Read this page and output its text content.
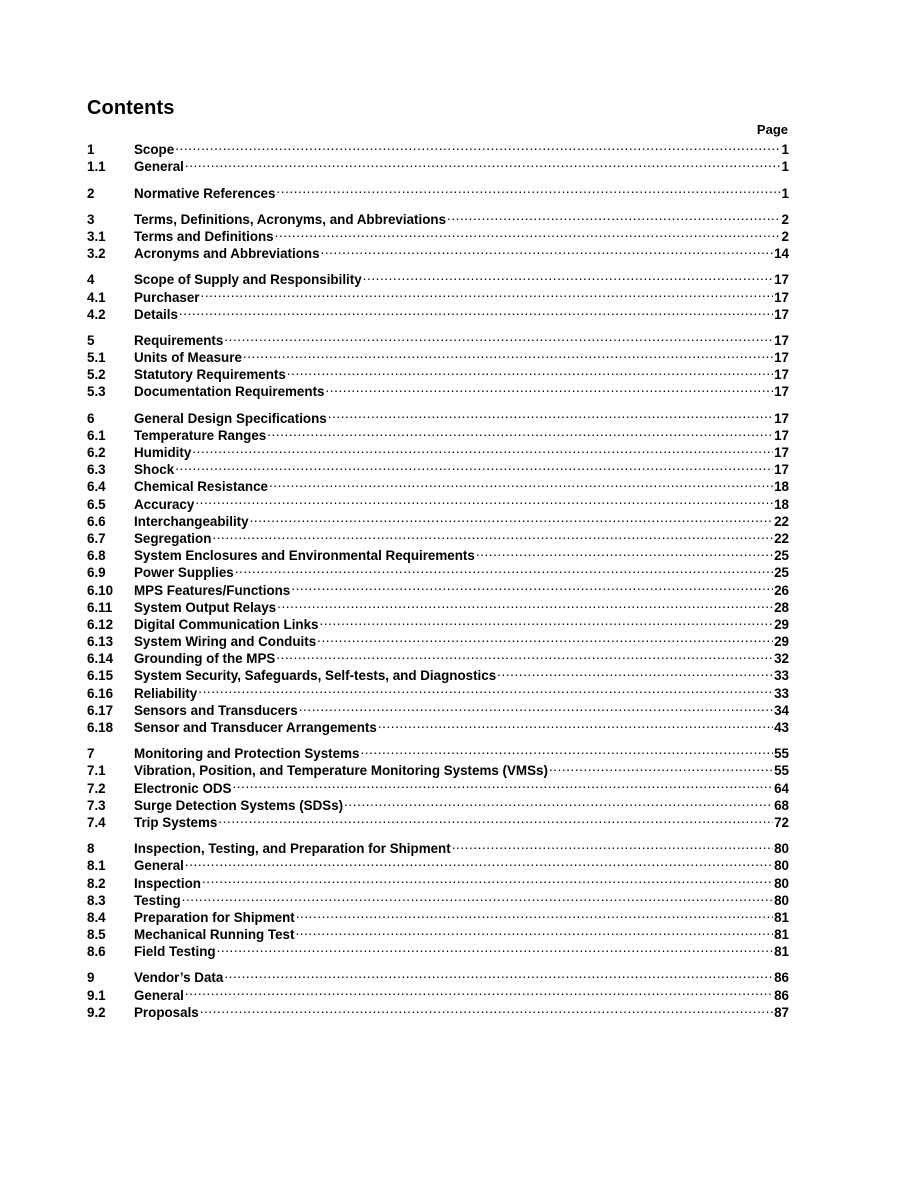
Contents
Page
1	Scope .....	1
1.1	General .....	1
2	Normative References .....	1
3	Terms, Definitions, Acronyms, and Abbreviations .....	2
3.1	Terms and Definitions .....	2
3.2	Acronyms and Abbreviations .....	14
4	Scope of Supply and Responsibility .....	17
4.1	Purchaser .....	17
4.2	Details .....	17
5	Requirements .....	17
5.1	Units of Measure .....	17
5.2	Statutory Requirements .....	17
5.3	Documentation Requirements .....	17
6	General Design Specifications .....	17
6.1	Temperature Ranges .....	17
6.2	Humidity .....	17
6.3	Shock .....	17
6.4	Chemical Resistance .....	18
6.5	Accuracy .....	18
6.6	Interchangeability .....	22
6.7	Segregation .....	22
6.8	System Enclosures and Environmental Requirements .....	25
6.9	Power Supplies .....	25
6.10	MPS Features/Functions .....	26
6.11	System Output Relays .....	28
6.12	Digital Communication Links .....	29
6.13	System Wiring and Conduits .....	29
6.14	Grounding of the MPS .....	32
6.15	System Security, Safeguards, Self-tests, and Diagnostics .....	33
6.16	Reliability .....	33
6.17	Sensors and Transducers .....	34
6.18	Sensor and Transducer Arrangements .....	43
7	Monitoring and Protection Systems .....	55
7.1	Vibration, Position, and Temperature Monitoring Systems (VMSs) .....	55
7.2	Electronic ODS .....	64
7.3	Surge Detection Systems (SDSs) .....	68
7.4	Trip Systems .....	72
8	Inspection, Testing, and Preparation for Shipment .....	80
8.1	General .....	80
8.2	Inspection .....	80
8.3	Testing .....	80
8.4	Preparation for Shipment .....	81
8.5	Mechanical Running Test .....	81
8.6	Field Testing .....	81
9	Vendor’s Data .....	86
9.1	General .....	86
9.2	Proposals .....	87
